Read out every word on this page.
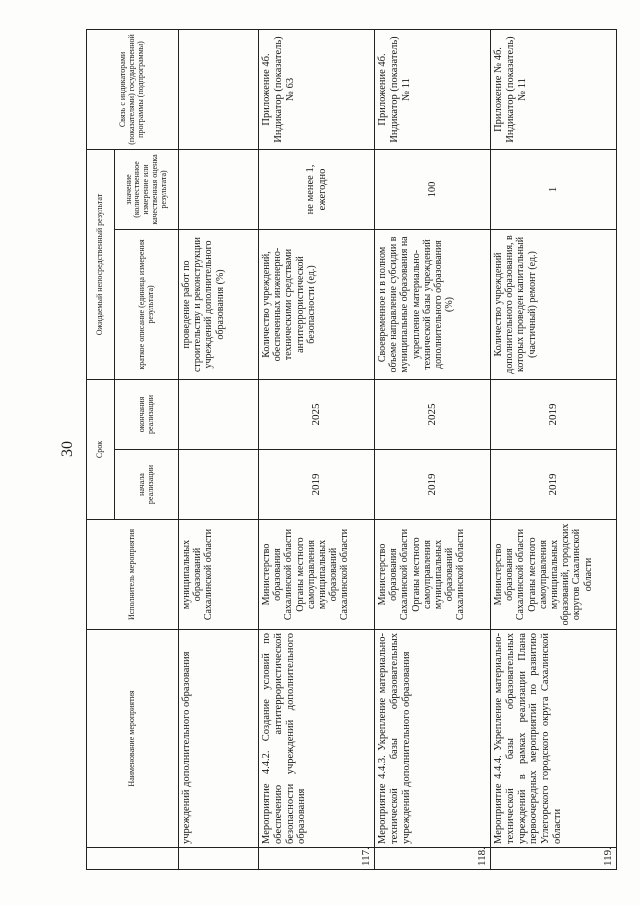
30
	Наименование мероприятия	Исполнитель мероприятия	Срок		Ожидаемый непосредственный результат		Связь с индикаторами (показателями) государственной программы (подпрограммы)
			начала реализации	окончания реализации	краткое описание (единица измерения результата)	значение (количественное измерение или качественная оценка результата)	
	учреждений дополнительного образования	муниципальных образований Сахалинской области			проведение работ по строительству и реконструкции учреждений дополнительного образования (%)		
117.	Мероприятие 4.4.2. Создание условий по обеспечению антитеррористической безопасности учреждений дополнительного образования	Министерство образования Сахалинской области Органы местного самоуправления муниципальных образований Сахалинской области	2019	2025	Количество учреждений, обеспеченных инженерно-техническими средствами антитеррористической безопасности (ед.)	не менее 1, ежегодно	Приложение 4б. Индикатор (показатель) № 63
118.	Мероприятие 4.4.3. Укрепление материально-технической базы образовательных учреждений дополнительного образования	Министерство образования Сахалинской области Органы местного самоуправления муниципальных образований Сахалинской области	2019	2025	Своевременное и в полном объеме направление субсидии в муниципальные образования на укрепление материально-технической базы учреждений дополнительного образования (%)	100	Приложение 4б. Индикатор (показатель) № 11
119.	Мероприятие 4.4.4. Укрепление материально-технической базы образовательных учреждений в рамках реализации Плана первоочередных мероприятий по развитию Углегорского городского округа Сахалинской области	Министерство образования Сахалинской области Органы местного самоуправления муниципальных образований, городских округов Сахалинской области	2019	2019	Количество учреждений дополнительного образования, в которых проведен капитальный (частичный) ремонт (ед.)	1	Приложение № 4б. Индикатор (показатель) № 11
